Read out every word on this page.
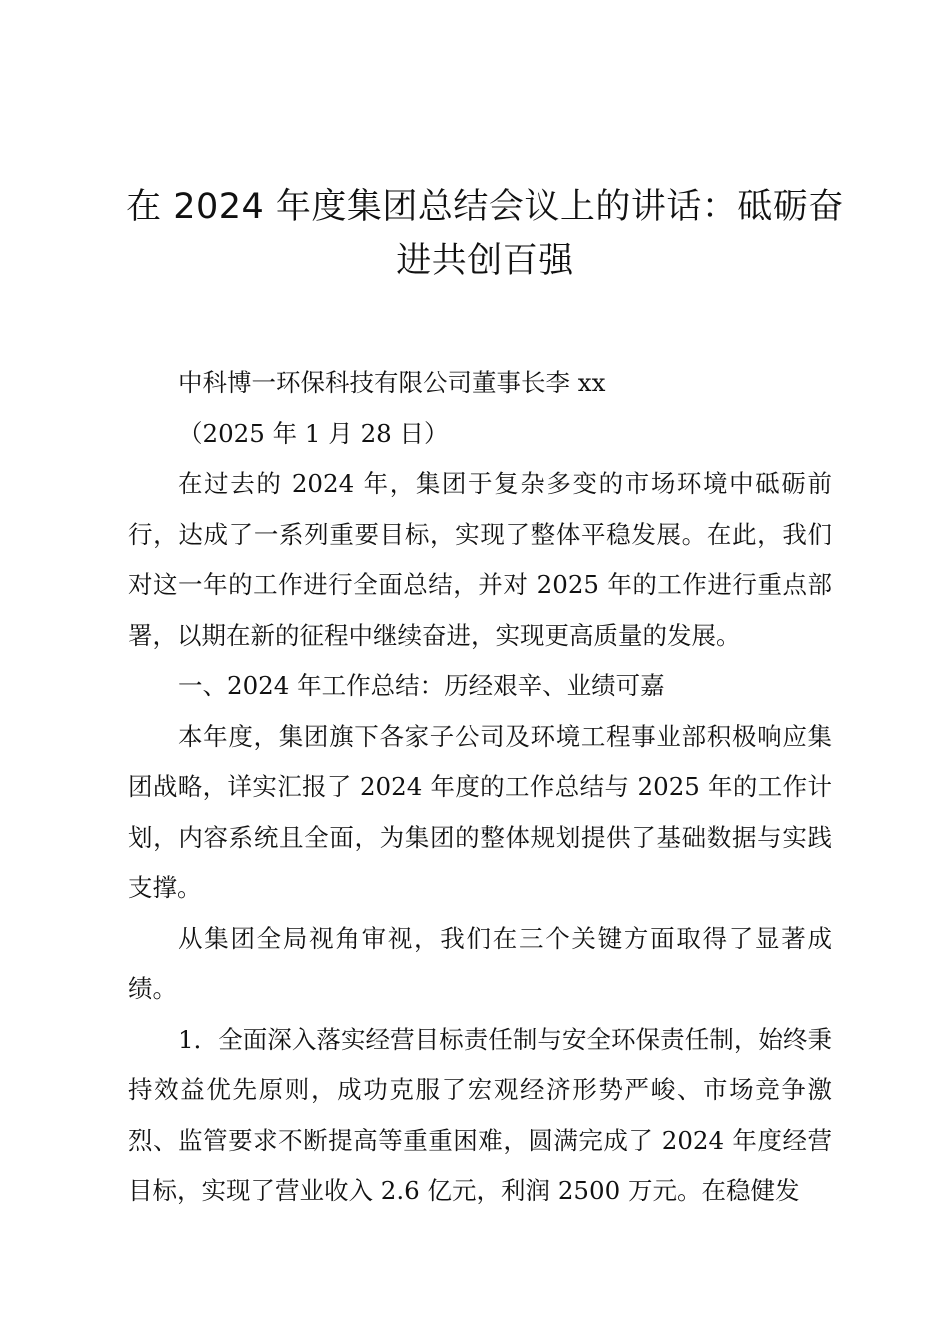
在 2024 年度集团总结会议上的讲话：砥砺奋进共创百强

中科博一环保科技有限公司董事长李 xx

（2025 年 1 月 28 日）

在过去的 2024 年，集团于复杂多变的市场环境中砥砺前行，达成了一系列重要目标，实现了整体平稳发展。在此，我们对这一年的工作进行全面总结，并对 2025 年的工作进行重点部署，以期在新的征程中继续奋进，实现更高质量的发展。

一、2024 年工作总结：历经艰辛、业绩可嘉

本年度，集团旗下各家子公司及环境工程事业部积极响应集团战略，详实汇报了 2024 年度的工作总结与 2025 年的工作计划，内容系统且全面，为集团的整体规划提供了基础数据与实践支撑。

从集团全局视角审视，我们在三个关键方面取得了显著成绩。

1．全面深入落实经营目标责任制与安全环保责任制，始终秉持效益优先原则，成功克服了宏观经济形势严峻、市场竞争激烈、监管要求不断提高等重重困难，圆满完成了 2024 年度经营目标，实现了营业收入 2.6 亿元，利润 2500 万元。在稳健发
